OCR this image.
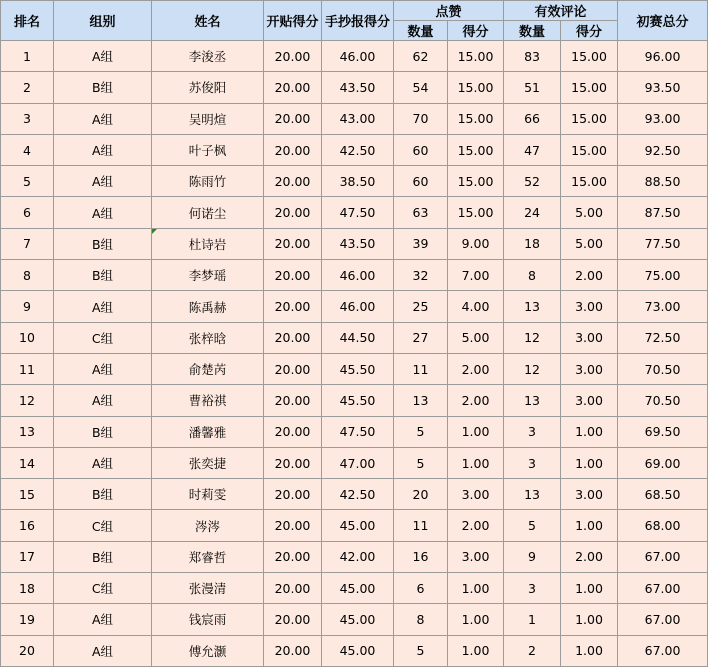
排名	组别	姓名	开贴得分	手抄报得分	点赞		有效评论		初赛总分
					数量	得分	数量	得分	
1	A组	李浚丞	20.00	46.00	62	15.00	83	15.00	96.00
2	B组	苏俊阳	20.00	43.50	54	15.00	51	15.00	93.50
3	A组	吴明煊	20.00	43.00	70	15.00	66	15.00	93.00
4	A组	叶子枫	20.00	42.50	60	15.00	47	15.00	92.50
5	A组	陈雨竹	20.00	38.50	60	15.00	52	15.00	88.50
6	A组	何诺尘	20.00	47.50	63	15.00	24	5.00	87.50
7	B组	杜诗岩	20.00	43.50	39	9.00	18	5.00	77.50
8	B组	李梦瑶	20.00	46.00	32	7.00	8	2.00	75.00
9	A组	陈禹赫	20.00	46.00	25	4.00	13	3.00	73.00
10	C组	张梓晗	20.00	44.50	27	5.00	12	3.00	72.50
11	A组	俞楚芮	20.00	45.50	11	2.00	12	3.00	70.50
12	A组	曹裕祺	20.00	45.50	13	2.00	13	3.00	70.50
13	B组	潘馨雅	20.00	47.50	5	1.00	3	1.00	69.50
14	A组	张奕捷	20.00	47.00	5	1.00	3	1.00	69.00
15	B组	时莉雯	20.00	42.50	20	3.00	13	3.00	68.50
16	C组	涔涔	20.00	45.00	11	2.00	5	1.00	68.00
17	B组	郑睿哲	20.00	42.00	16	3.00	9	2.00	67.00
18	C组	张漫清	20.00	45.00	6	1.00	3	1.00	67.00
19	A组	钱宸雨	20.00	45.00	8	1.00	1	1.00	67.00
20	A组	傅允灏	20.00	45.00	5	1.00	2	1.00	67.00
